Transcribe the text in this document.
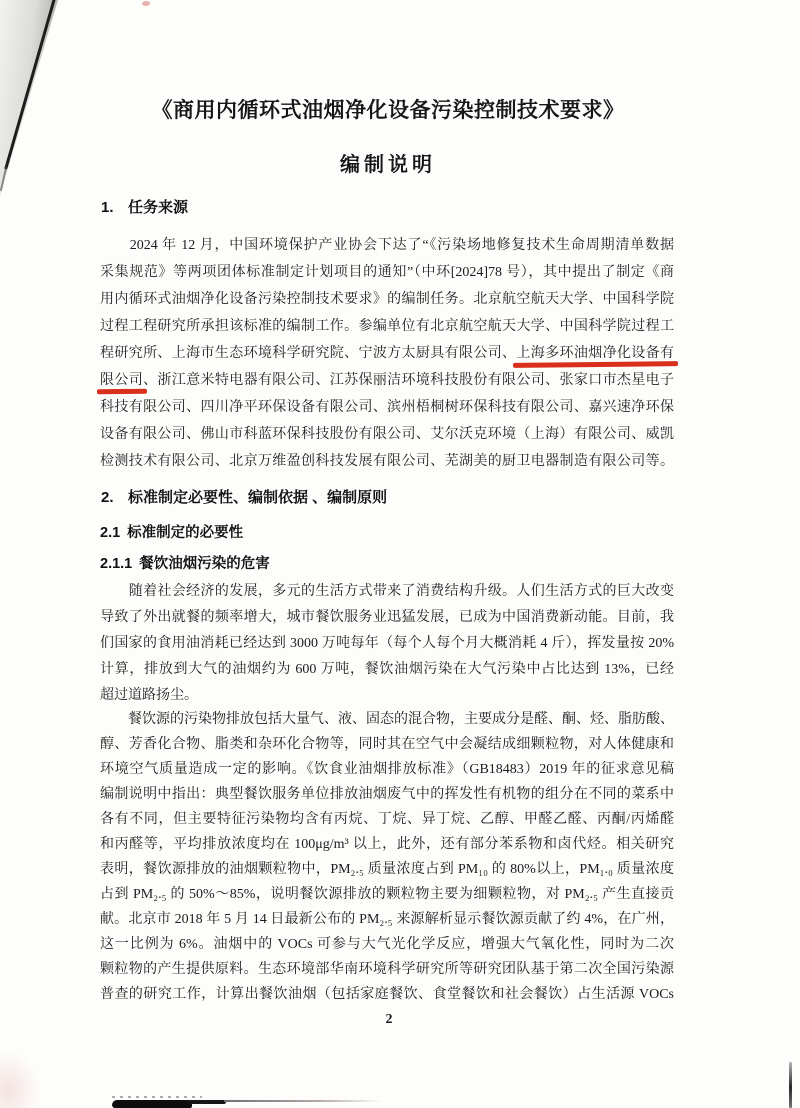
《商用内循环式油烟净化设备污染控制技术要求》
编制说明
1. 任务来源
　　2024 年 12 月，中国环境保护产业协会下达了“《污染场地修复技术生命周期清单数据
采集规范》等两项团体标准制定计划项目的通知”（中环[2024]78 号），其中提出了制定《商
用内循环式油烟净化设备污染控制技术要求》的编制任务。北京航空航天大学、中国科学院
过程工程研究所承担该标准的编制工作。参编单位有北京航空航天大学、中国科学院过程工
程研究所、上海市生态环境科学研究院、宁波方太厨具有限公司、上海多环油烟净化设备有
限公司、浙江意米特电器有限公司、江苏保丽洁环境科技股份有限公司、张家口市杰星电子
科技有限公司、四川净平环保设备有限公司、滨州梧桐树环保科技有限公司、嘉兴速净环保
设备有限公司、佛山市科蓝环保科技股份有限公司、艾尔沃克环境（上海）有限公司、威凯
检测技术有限公司、北京万维盈创科技发展有限公司、芜湖美的厨卫电器制造有限公司等。
2. 标准制定必要性、编制依据 、编制原则
2.1 标准制定的必要性
2.1.1 餐饮油烟污染的危害
　　随着社会经济的发展，多元的生活方式带来了消费结构升级。人们生活方式的巨大改变
导致了外出就餐的频率增大，城市餐饮服务业迅猛发展，已成为中国消费新动能。目前，我
们国家的食用油消耗已经达到 3000 万吨每年（每个人每个月大概消耗 4 斤），挥发量按 20%
计算，排放到大气的油烟约为 600 万吨，餐饮油烟污染在大气污染中占比达到 13%，已经
超过道路扬尘。
　　餐饮源的污染物排放包括大量气、液、固态的混合物，主要成分是醛、酮、烃、脂肪酸、
醇、芳香化合物、脂类和杂环化合物等，同时其在空气中会凝结成细颗粒物，对人体健康和
环境空气质量造成一定的影响。《饮食业油烟排放标准》（GB18483）2019 年的征求意见稿
编制说明中指出：典型餐饮服务单位排放油烟废气中的挥发性有机物的组分在不同的菜系中
各有不同，但主要特征污染物均含有丙烷、丁烷、异丁烷、乙醇、甲醛乙醛、丙酮/丙烯醛
和丙醛等，平均排放浓度均在 100μg/m³ 以上，此外，还有部分苯系物和卤代烃。相关研究
表明，餐饮源排放的油烟颗粒物中，PM₂.₅ 质量浓度占到 PM₁₀ 的 80%以上，PM₁.₀ 质量浓度
占到 PM₂.₅ 的 50%～85%，说明餐饮源排放的颗粒物主要为细颗粒物，对 PM₂.₅ 产生直接贡
献。北京市 2018 年 5 月 14 日最新公布的 PM₂.₅ 来源解析显示餐饮源贡献了约 4%，在广州，
这一比例为 6%。油烟中的 VOCs 可参与大气光化学反应，增强大气氧化性，同时为二次
颗粒物的产生提供原料。生态环境部华南环境科学研究所等研究团队基于第二次全国污染源
普查的研究工作，计算出餐饮油烟（包括家庭餐饮、食堂餐饮和社会餐饮）占生活源 VOCs
2
